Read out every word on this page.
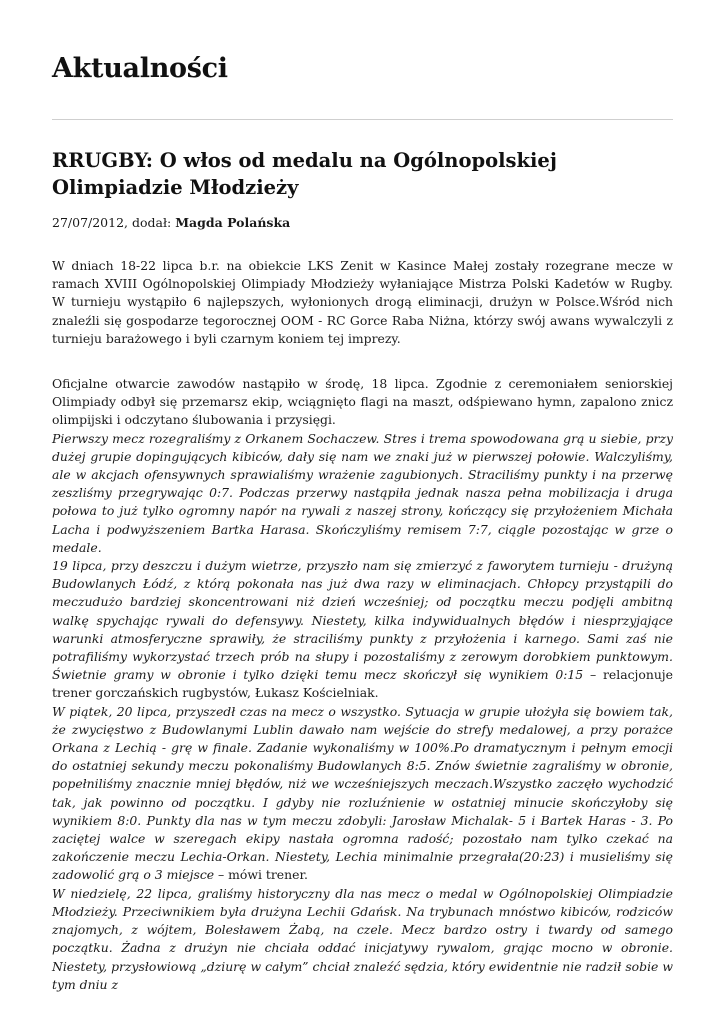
Aktualności
RRUGBY: O włos od medalu na Ogólnopolskiej Olimpiadzie Młodzieży
27/07/2012, dodał: Magda Polańska

W dniach 18-22 lipca b.r. na obiekcie LKS Zenit w Kasince Małej zostały rozegrane mecze w ramach XVIII Ogólnopolskiej Olimpiady Młodzieży wyłaniające Mistrza Polski Kadetów w Rugby. W turnieju wystąpiło 6 najlepszych, wyłonionych drogą eliminacji, drużyn w Polsce.Wśród nich znaleźli się gospodarze tegorocznej OOM - RC Gorce Raba Niżna, którzy swój awans wywalczyli z turnieju barażowego i byli czarnym koniem tej imprezy.

Oficjalne otwarcie zawodów nastąpiło w środę, 18 lipca. Zgodnie z ceremoniałem seniorskiej Olimpiady odbył się przemarsz ekip, wciągnięto flagi na maszt, odśpiewano hymn, zapalono znicz olimpijski i odczytano ślubowania i przysięgi.

Pierwszy mecz rozegraliśmy z Orkanem Sochaczew. Stres i trema spowodowana grą u siebie, przy dużej grupie dopingujących kibiców, dały się nam we znaki już w pierwszej połowie. Walczyliśmy, ale w akcjach ofensywnych sprawialiśmy wrażenie zagubionych. Straciliśmy punkty i na przerwę zeszliśmy przegrywając 0:7. Podczas przerwy nastąpiła jednak nasza pełna mobilizacja i druga połowa to już tylko ogromny napór na rywali z naszej strony, kończący się przyłożeniem Michała Lacha i podwyższeniem Bartka Harasa. Skończyliśmy remisem 7:7, ciągle pozostając w grze o medale.

19 lipca, przy deszczu i dużym wietrze, przyszło nam się zmierzyć z faworytem turnieju - drużyną Budowlanych Łódź, z którą pokonała nas już dwa razy w eliminacjach. Chłopcy przystąpili do meczudużo bardziej skoncentrowani niż dzień wcześniej; od początku meczu podjęli ambitną walkę spychając rywali do defensywy. Niestety, kilka indywidualnych błędów i niesprzyjające warunki atmosferyczne sprawiły, że straciliśmy punkty z przyłożenia i karnego. Sami zaś nie potrafiliśmy wykorzystać trzech prób na słupy i pozostaliśmy z zerowym dorobkiem punktowym. Świetnie gramy w obronie i tylko dzięki temu mecz skończył się wynikiem 0:15 – relacjonuje trener gorczańskich rugbystów, Łukasz Kościelniak.

W piątek, 20 lipca, przyszedł czas na mecz o wszystko. Sytuacja w grupie ułożyła się bowiem tak, że zwycięstwo z Budowlanymi Lublin dawało nam wejście do strefy medalowej, a przy porażce Orkana z Lechią - grę w finale. Zadanie wykonaliśmy w 100%.Po dramatycznym i pełnym emocji do ostatniej sekundy meczu pokonaliśmy Budowlanych 8:5. Znów świetnie zagraliśmy w obronie, popełniliśmy znacznie mniej błędów, niż we wcześniejszych meczach.Wszystko zaczęło wychodzić tak, jak powinno od początku. I gdyby nie rozluźnienie w ostatniej minucie skończyłoby się wynikiem 8:0. Punkty dla nas w tym meczu zdobyli: Jarosław Michalak- 5 i Bartek Haras - 3. Po zaciętej walce w szeregach ekipy nastała ogromna radość; pozostało nam tylko czekać na zakończenie meczu Lechia-Orkan. Niestety, Lechia minimalnie przegrała(20:23) i musieliśmy się zadowolić grą o 3 miejsce – mówi trener.

W niedzielę, 22 lipca, graliśmy historyczny dla nas mecz o medal w Ogólnopolskiej Olimpiadzie Młodzieży. Przeciwnikiem była drużyna Lechii Gdańsk. Na trybunach mnóstwo kibiców, rodziców znajomych, z wójtem, Bolesławem Żabą, na czele. Mecz bardzo ostry i twardy od samego początku. Żadna z drużyn nie chciała oddać inicjatywy rywalom, grając mocno w obronie. Niestety, przysłowiową „dziurę w całym” chciał znaleźć sędzia, który ewidentnie nie radził sobie w tym dniu z
